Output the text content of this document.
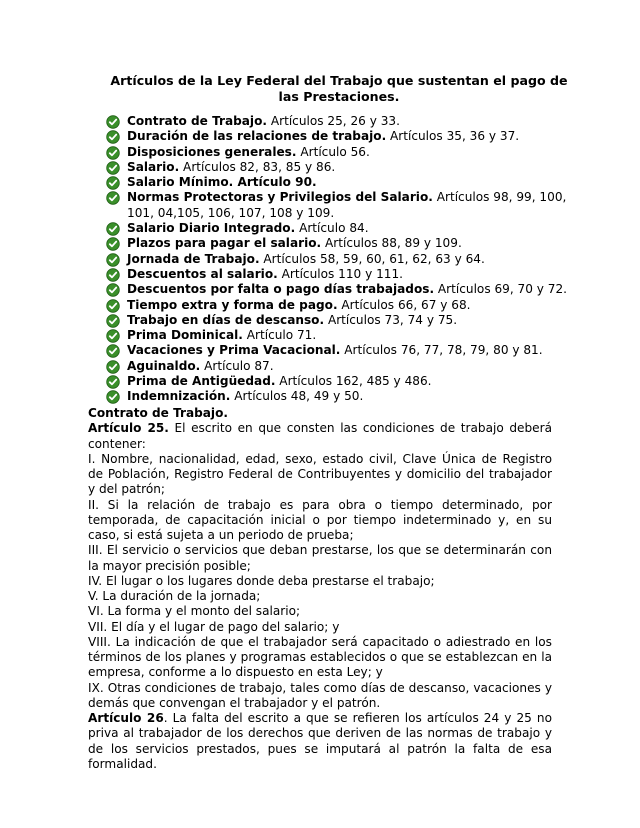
Artículos de la Ley Federal del Trabajo que sustentan el pago de
las Prestaciones.
Contrato de Trabajo. Artículos 25, 26 y 33.
Duración de las relaciones de trabajo. Artículos 35, 36 y 37.
Disposiciones generales. Artículo 56.
Salario. Artículos 82, 83, 85 y 86.
Salario Mínimo. Artículo 90.
Normas Protectoras y Privilegios del Salario. Artículos 98, 99, 100, 101, 04,105, 106, 107, 108 y 109.
Salario Diario Integrado. Artículo 84.
Plazos para pagar el salario. Artículos 88, 89 y 109.
Jornada de Trabajo. Artículos 58, 59, 60, 61, 62, 63 y 64.
Descuentos al salario. Artículos 110 y 111.
Descuentos por falta o pago días trabajados. Artículos 69, 70 y 72.
Tiempo extra y forma de pago. Artículos 66, 67 y 68.
Trabajo en días de descanso. Artículos 73, 74 y 75.
Prima Dominical. Artículo 71.
Vacaciones y Prima Vacacional. Artículos 76, 77, 78, 79, 80 y 81.
Aguinaldo. Artículo 87.
Prima de Antigüedad. Artículos 162, 485 y 486.
Indemnización. Artículos 48, 49 y 50.

Contrato de Trabajo.

Artículo 25. El escrito en que consten las condiciones de trabajo deberá contener:

I. Nombre, nacionalidad, edad, sexo, estado civil, Clave Única de Registro de Población, Registro Federal de Contribuyentes y domicilio del trabajador y del patrón;

II. Si la relación de trabajo es para obra o tiempo determinado, por temporada, de capacitación inicial o por tiempo indeterminado y, en su caso, si está sujeta a un periodo de prueba;

III. El servicio o servicios que deban prestarse, los que se determinarán con la mayor precisión posible;

IV. El lugar o los lugares donde deba prestarse el trabajo;

V. La duración de la jornada;

VI. La forma y el monto del salario;

VII. El día y el lugar de pago del salario; y

VIII. La indicación de que el trabajador será capacitado o adiestrado en los términos de los planes y programas establecidos o que se establezcan en la empresa, conforme a lo dispuesto en esta Ley; y

IX. Otras condiciones de trabajo, tales como días de descanso, vacaciones y demás que convengan el trabajador y el patrón.

Artículo 26. La falta del escrito a que se refieren los artículos 24 y 25 no priva al trabajador de los derechos que deriven de las normas de trabajo y de los servicios prestados, pues se imputará al patrón la falta de esa formalidad.
